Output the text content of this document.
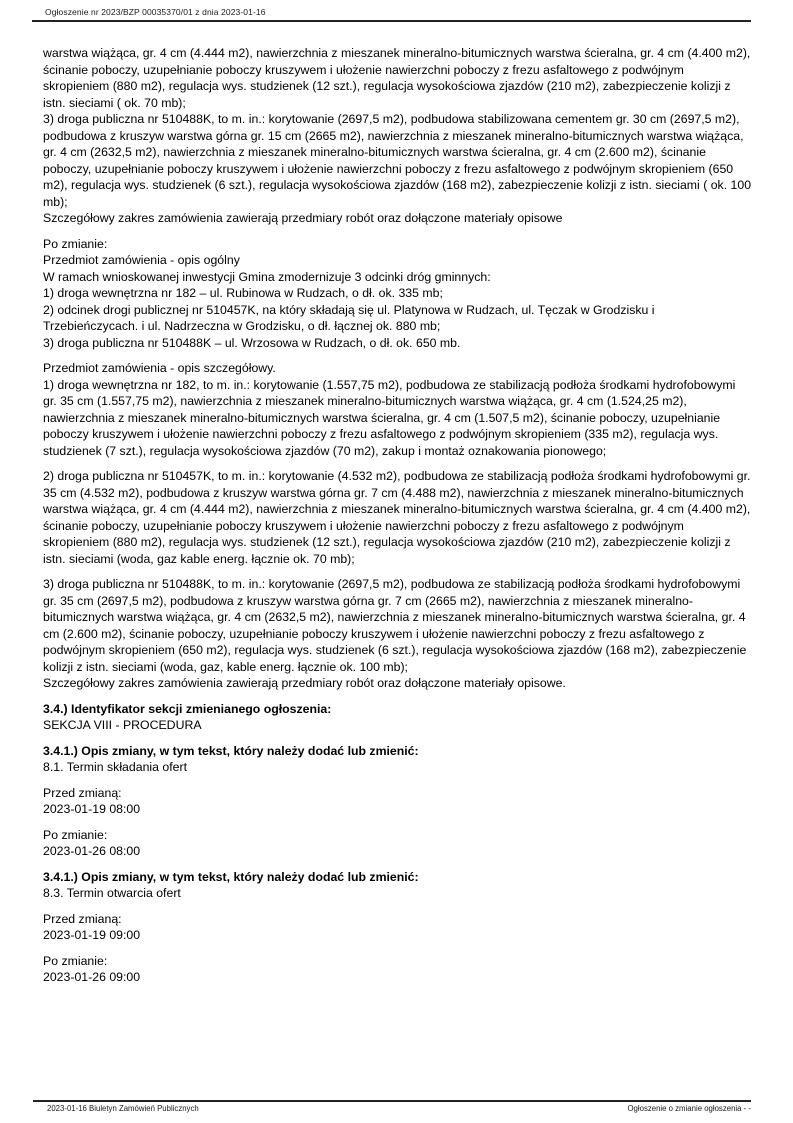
Ogłoszenie nr 2023/BZP 00035370/01 z dnia 2023-01-16
warstwa wiążąca, gr. 4 cm (4.444 m2), nawierzchnia z mieszanek mineralno-bitumicznych warstwa ścieralna, gr. 4 cm (4.400 m2), ścinanie poboczy, uzupełnianie poboczy kruszywem i ułożenie nawierzchni poboczy z frezu asfaltowego z podwójnym skropieniem (880 m2), regulacja wys. studzienek (12 szt.), regulacja wysokościowa zjazdów (210 m2), zabezpieczenie kolizji z istn. sieciami ( ok. 70 mb);
3) droga publiczna nr 510488K, to m. in.: korytowanie (2697,5 m2), podbudowa stabilizowana cementem gr. 30 cm (2697,5 m2), podbudowa z kruszyw warstwa górna gr. 15 cm (2665 m2), nawierzchnia z mieszanek mineralno-bitumicznych warstwa wiążąca, gr. 4 cm (2632,5 m2), nawierzchnia z mieszanek mineralno-bitumicznych warstwa ścieralna, gr. 4 cm (2.600 m2), ścinanie poboczy, uzupełnianie poboczy kruszywem i ułożenie nawierzchni poboczy z frezu asfaltowego z podwójnym skropieniem (650 m2), regulacja wys. studzienek (6 szt.), regulacja wysokościowa zjazdów (168 m2), zabezpieczenie kolizji z istn. sieciami ( ok. 100 mb);
Szczegółowy zakres zamówienia zawierają przedmiary robót oraz dołączone materiały opisowe
Po zmianie:
Przedmiot zamówienia - opis ogólny
W ramach wnioskowanej inwestycji Gmina zmodernizuje 3 odcinki dróg gminnych:
1) droga wewnętrzna nr 182 – ul. Rubinowa w Rudzach, o dł. ok. 335 mb;
2) odcinek drogi publicznej nr 510457K, na który składają się ul. Platynowa w Rudzach, ul. Tęczak w Grodzisku i Trzebieńczycach. i ul. Nadrzeczna w Grodzisku, o dł. łącznej ok. 880 mb;
3) droga publiczna nr 510488K – ul. Wrzosowa w Rudzach, o dł. ok. 650 mb.
Przedmiot zamówienia - opis szczegółowy.
1) droga wewnętrzna nr 182, to m. in.: korytowanie (1.557,75 m2), podbudowa ze stabilizacją podłoża środkami hydrofobowymi gr. 35 cm (1.557,75 m2), nawierzchnia z mieszanek mineralno-bitumicznych warstwa wiążąca, gr. 4 cm (1.524,25 m2), nawierzchnia z mieszanek mineralno-bitumicznych warstwa ścieralna, gr. 4 cm (1.507,5 m2), ścinanie poboczy, uzupełnianie poboczy kruszywem i ułożenie nawierzchni poboczy z frezu asfaltowego z podwójnym skropieniem (335 m2), regulacja wys. studzienek (7 szt.), regulacja wysokościowa zjazdów (70 m2), zakup i montaż oznakowania pionowego;
2) droga publiczna nr 510457K, to m. in.: korytowanie (4.532 m2), podbudowa ze stabilizacją podłoża środkami hydrofobowymi gr. 35 cm (4.532 m2), podbudowa z kruszyw warstwa górna gr. 7 cm (4.488 m2), nawierzchnia z mieszanek mineralno-bitumicznych warstwa wiążąca, gr. 4 cm (4.444 m2), nawierzchnia z mieszanek mineralno-bitumicznych warstwa ścieralna, gr. 4 cm (4.400 m2), ścinanie poboczy, uzupełnianie poboczy kruszywem i ułożenie nawierzchni poboczy z frezu asfaltowego z podwójnym skropieniem (880 m2), regulacja wys. studzienek (12 szt.), regulacja wysokościowa zjazdów (210 m2), zabezpieczenie kolizji z istn. sieciami (woda, gaz kable energ. łącznie ok. 70 mb);
3) droga publiczna nr 510488K, to m. in.: korytowanie (2697,5 m2), podbudowa ze stabilizacją podłoża środkami hydrofobowymi gr. 35 cm (2697,5 m2), podbudowa z kruszyw warstwa górna gr. 7 cm (2665 m2), nawierzchnia z mieszanek mineralno-bitumicznych warstwa wiążąca, gr. 4 cm (2632,5 m2), nawierzchnia z mieszanek mineralno-bitumicznych warstwa ścieralna, gr. 4 cm (2.600 m2), ścinanie poboczy, uzupełnianie poboczy kruszywem i ułożenie nawierzchni poboczy z frezu asfaltowego z podwójnym skropieniem (650 m2), regulacja wys. studzienek (6 szt.), regulacja wysokościowa zjazdów (168 m2), zabezpieczenie kolizji z istn. sieciami (woda, gaz, kable energ. łącznie ok. 100 mb);
Szczegółowy zakres zamówienia zawierają przedmiary robót oraz dołączone materiały opisowe.
3.4.) Identyfikator sekcji zmienianego ogłoszenia:
SEKCJA VIII - PROCEDURA
3.4.1.) Opis zmiany, w tym tekst, który należy dodać lub zmienić:
8.1. Termin składania ofert
Przed zmianą:
2023-01-19 08:00
Po zmianie:
2023-01-26 08:00
3.4.1.) Opis zmiany, w tym tekst, który należy dodać lub zmienić:
8.3. Termin otwarcia ofert
Przed zmianą:
2023-01-19 09:00
Po zmianie:
2023-01-26 09:00
2023-01-16 Biuletyn Zamówień Publicznych	Ogłoszenie o zmianie ogłoszenia - -
